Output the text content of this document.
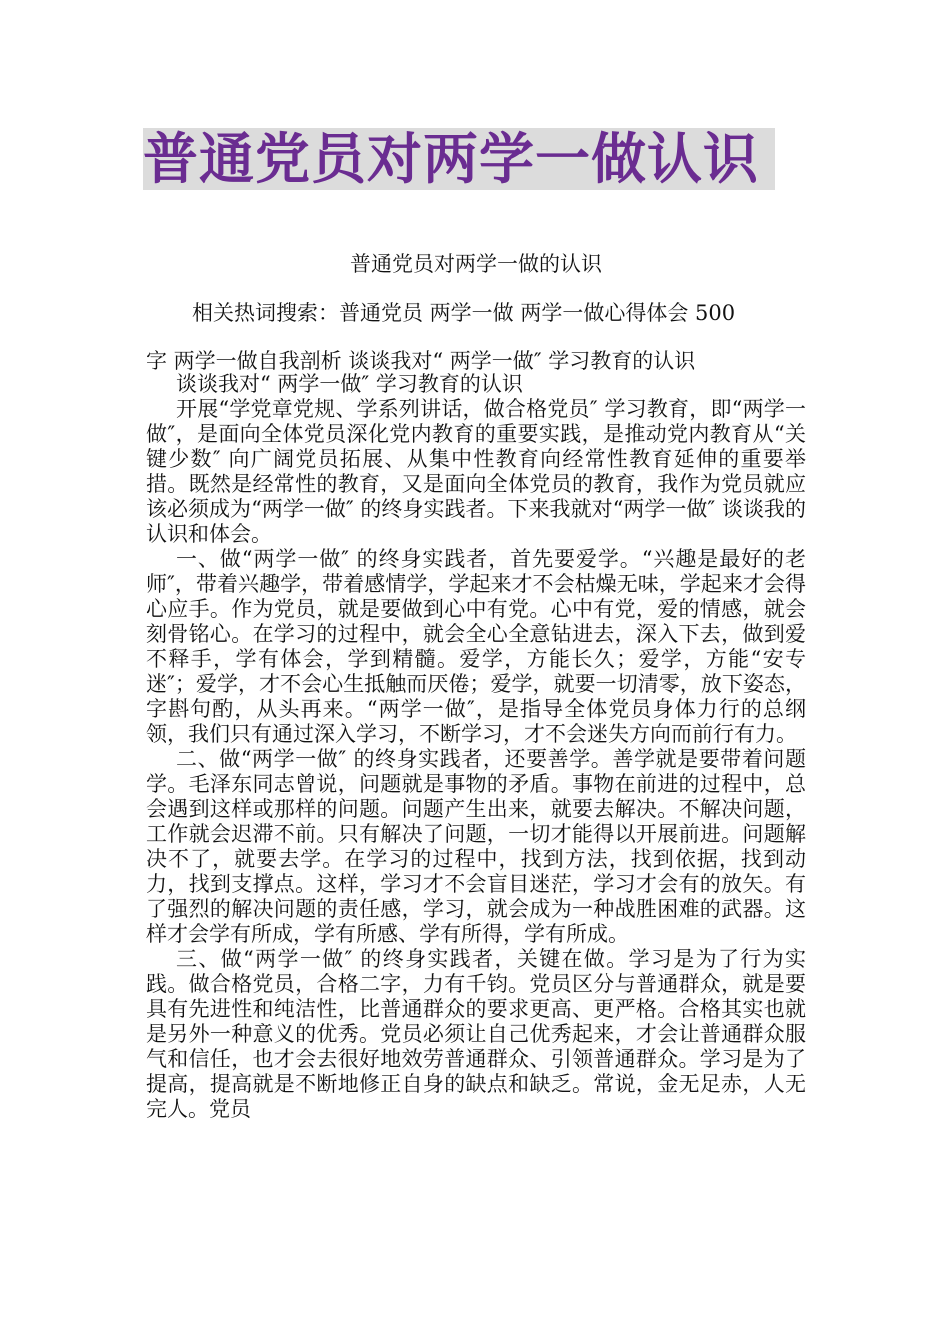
普通党员对两学一做认识

普通党员对两学一做的认识

相关热词搜索：普通党员 两学一做 两学一做心得体会 500
字 两学一做自我剖析 谈谈我对“ 两学一做″ 学习教育的认识

谈谈我对“ 两学一做″ 学习教育的认识

开展“学党章党规、学系列讲话，做合格党员″ 学习教育，即“两学一做″，是面向全体党员深化党内教育的重要实践，是推动党内教育从“关键少数″ 向广阔党员拓展、从集中性教育向经常性教育延伸的重要举措。既然是经常性的教育，又是面向全体党员的教育，我作为党员就应该必须成为“两学一做″ 的终身实践者。下来我就对“两学一做″ 谈谈我的认识和体会。

一、做“两学一做″ 的终身实践者，首先要爱学。“兴趣是最好的老师″，带着兴趣学，带着感情学，学起来才不会枯燥无味，学起来才会得心应手。作为党员，就是要做到心中有党。心中有党，爱的情感，就会刻骨铭心。在学习的过程中，就会全心全意钻进去，深入下去，做到爱不释手，学有体会，学到精髓。爱学，方能长久；爱学，方能“安专迷″；爱学，才不会心生抵触而厌倦；爱学，就要一切清零，放下姿态，字斟句酌，从头再来。“两学一做″，是指导全体党员身体力行的总纲领，我们只有通过深入学习，不断学习，才不会迷失方向而前行有力。

二、做“两学一做″ 的终身实践者，还要善学。善学就是要带着问题学。毛泽东同志曾说，问题就是事物的矛盾。事物在前进的过程中，总会遇到这样或那样的问题。问题产生出来，就要去解决。不解决问题，工作就会迟滞不前。只有解决了问题，一切才能得以开展前进。问题解决不了，就要去学。在学习的过程中，找到方法，找到依据，找到动力，找到支撑点。这样，学习才不会盲目迷茫，学习才会有的放矢。有了强烈的解决问题的责任感，学习，就会成为一种战胜困难的武器。这样才会学有所成，学有所感、学有所得，学有所成。

三、做“两学一做″ 的终身实践者，关键在做。学习是为了行为实践。做合格党员，合格二字，力有千钧。党员区分与普通群众，就是要具有先进性和纯洁性，比普通群众的要求更高、更严格。合格其实也就是另外一种意义的优秀。党员必须让自己优秀起来，才会让普通群众服气和信任，也才会去很好地效劳普通群众、引领普通群众。学习是为了提高，提高就是不断地修正自身的缺点和缺乏。常说，金无足赤，人无完人。党员
